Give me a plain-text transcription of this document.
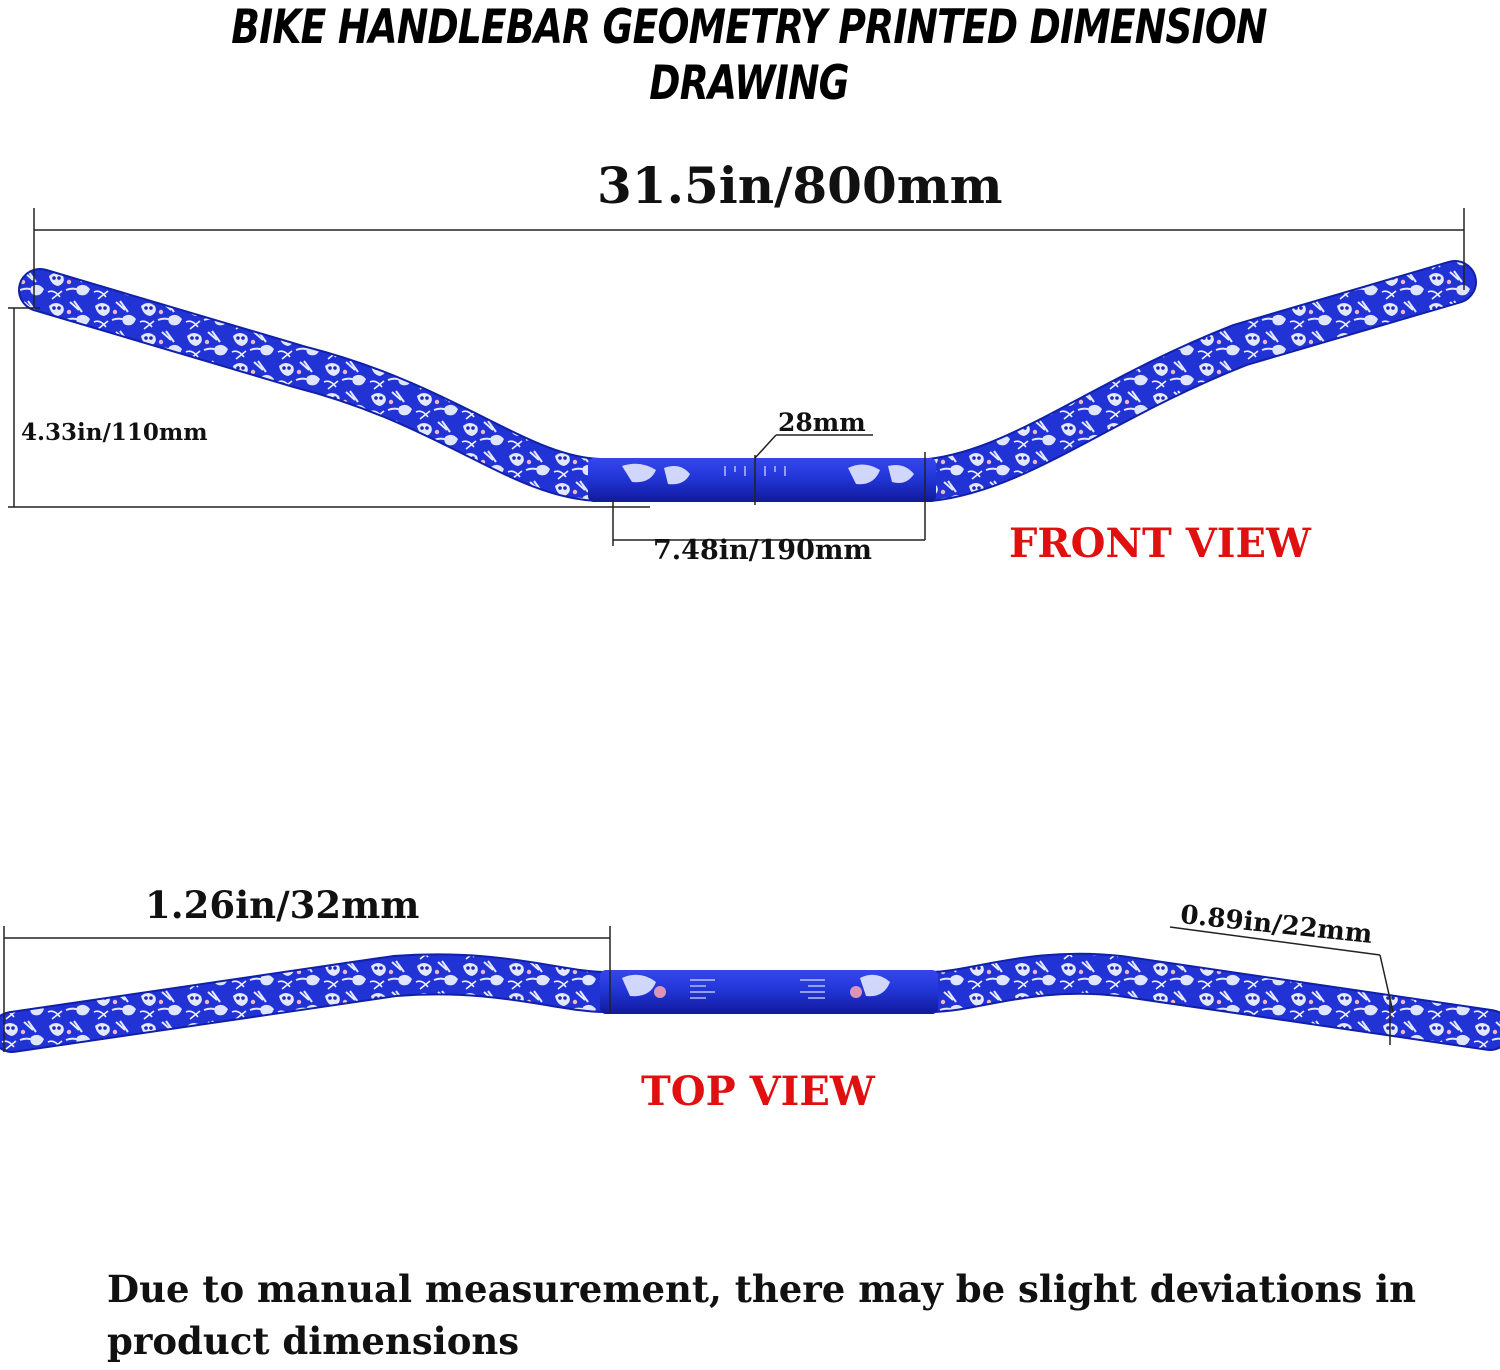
BIKE HANDLEBAR GEOMETRY PRINTED DIMENSION DRAWING
31.5in/800mm
4.33in/110mm	28mm
7.48in/190mm	FRONT VIEW
1.26in/32mm	0.89in/22mm
TOP VIEW
Due to manual measurement, there may be slight deviations in product dimensions
